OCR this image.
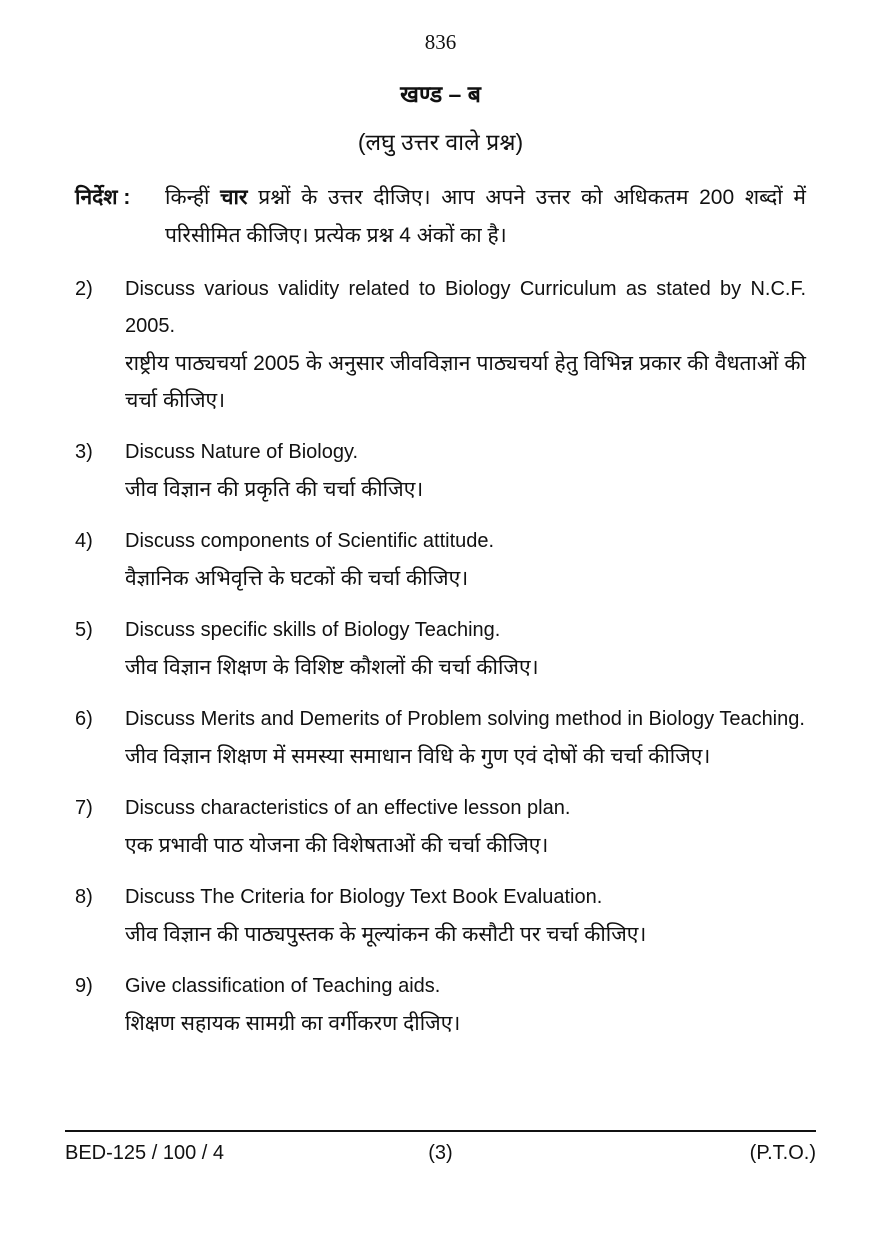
836
खण्ड – ब
(लघु उत्तर वाले प्रश्न)
निर्देश :	किन्हीं चार प्रश्नों के उत्तर दीजिए। आप अपने उत्तर को अधिकतम 200 शब्दों में परिसीमित कीजिए। प्रत्येक प्रश्न 4 अंकों का है।
2)	Discuss various validity related to Biology Curriculum as stated by N.C.F. 2005.
राष्ट्रीय पाठ्यचर्या 2005 के अनुसार जीवविज्ञान पाठ्यचर्या हेतु विभिन्न प्रकार की वैधताओं की चर्चा कीजिए।
3)	Discuss Nature of Biology.
जीव विज्ञान की प्रकृति की चर्चा कीजिए।
4)	Discuss components of Scientific attitude.
वैज्ञानिक अभिवृत्ति के घटकों की चर्चा कीजिए।
5)	Discuss specific skills of Biology Teaching.
जीव विज्ञान शिक्षण के विशिष्ट कौशलों की चर्चा कीजिए।
6)	Discuss Merits and Demerits of Problem solving method in Biology Teaching.
जीव विज्ञान शिक्षण में समस्या समाधान विधि के गुण एवं दोषों की चर्चा कीजिए।
7)	Discuss characteristics of an effective lesson plan.
एक प्रभावी पाठ योजना की विशेषताओं की चर्चा कीजिए।
8)	Discuss The Criteria for Biology Text Book Evaluation.
जीव विज्ञान की पाठ्यपुस्तक के मूल्यांकन की कसौटी पर चर्चा कीजिए।
9)	Give classification of Teaching aids.
शिक्षण सहायक सामग्री का वर्गीकरण दीजिए।
BED-125 / 100 / 4	(3)	(P.T.O.)
